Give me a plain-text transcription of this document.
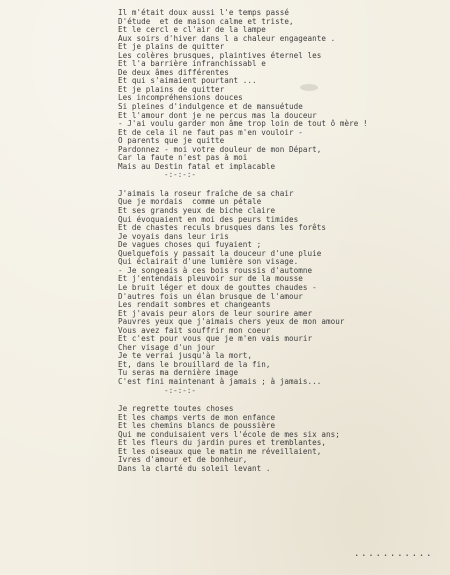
Il m'était doux aussi l'e temps passé
D'étude  et de maison calme et triste,
Et le cercl e cl'air de la lampe
Aux soirs d'hiver dans l a chaleur engageante .
Et je plains de quitter
Les colères brusques, plaintives éternel les
Et l'a barrière infranchissabl e
De deux âmes différentes
Et qui s'aimaient pourtant ...
Et je plains de quitter
Les incompréhensions douces
Si pleines d'indulgence et de mansuétude
Et l'amour dont je ne percus mas la douceur
- J'ai voulu garder mon âme trop loin de tout ô mère !
Et de cela il ne faut pas m'en vouloir -
O parents que je quitte
Pardonnez - moi votre douleur de mon Départ,
Car la faute n'est pas à moi
Mais au Destin fatal et implacable
-:-:-:-
J'aimais la roseur fraîche de sa chair
Que je mordais  comme un pétale
Et ses grands yeux de biche claire
Qui évoquaient en moi des peurs timides
Et de chastes reculs brusques dans les forêts
Je voyais dans leur iris
De vagues choses qui fuyaient ;
Quelquefois y passait la douceur d'une pluie
Qui éclairait d'une lumière son visage.
- Je songeais à ces bois roussis d'automne
Et j'entendais pleuvoir sur de la mousse
Le bruit léger et doux de gouttes chaudes -
D'autres fois un élan brusque de l'amour
Les rendait sombres et changeants
Et j'avais peur alors de leur sourire amer
Pauvres yeux que j'aimais chers yeux de mon amour
Vous avez fait souffrir mon coeur
Et c'est pour vous que je m'en vais mourir
Cher visage d'un jour
Je te verrai jusqu'à la mort,
Et, dans le brouillard de la fin,
Tu seras ma dernière image
C'est fini maintenant à jamais ; à jamais...
-:-:-:-
Je regrette toutes choses
Et les champs verts de mon enfance
Et les chemins blancs de poussière
Qui me conduisaient vers l'école de mes six ans;
Et les fleurs du jardin pures et tremblantes,
Et les oiseaux que le matin me réveillaient,
Ivres d'amour et de bonheur,
Dans la clarté du soleil levant .
...........
